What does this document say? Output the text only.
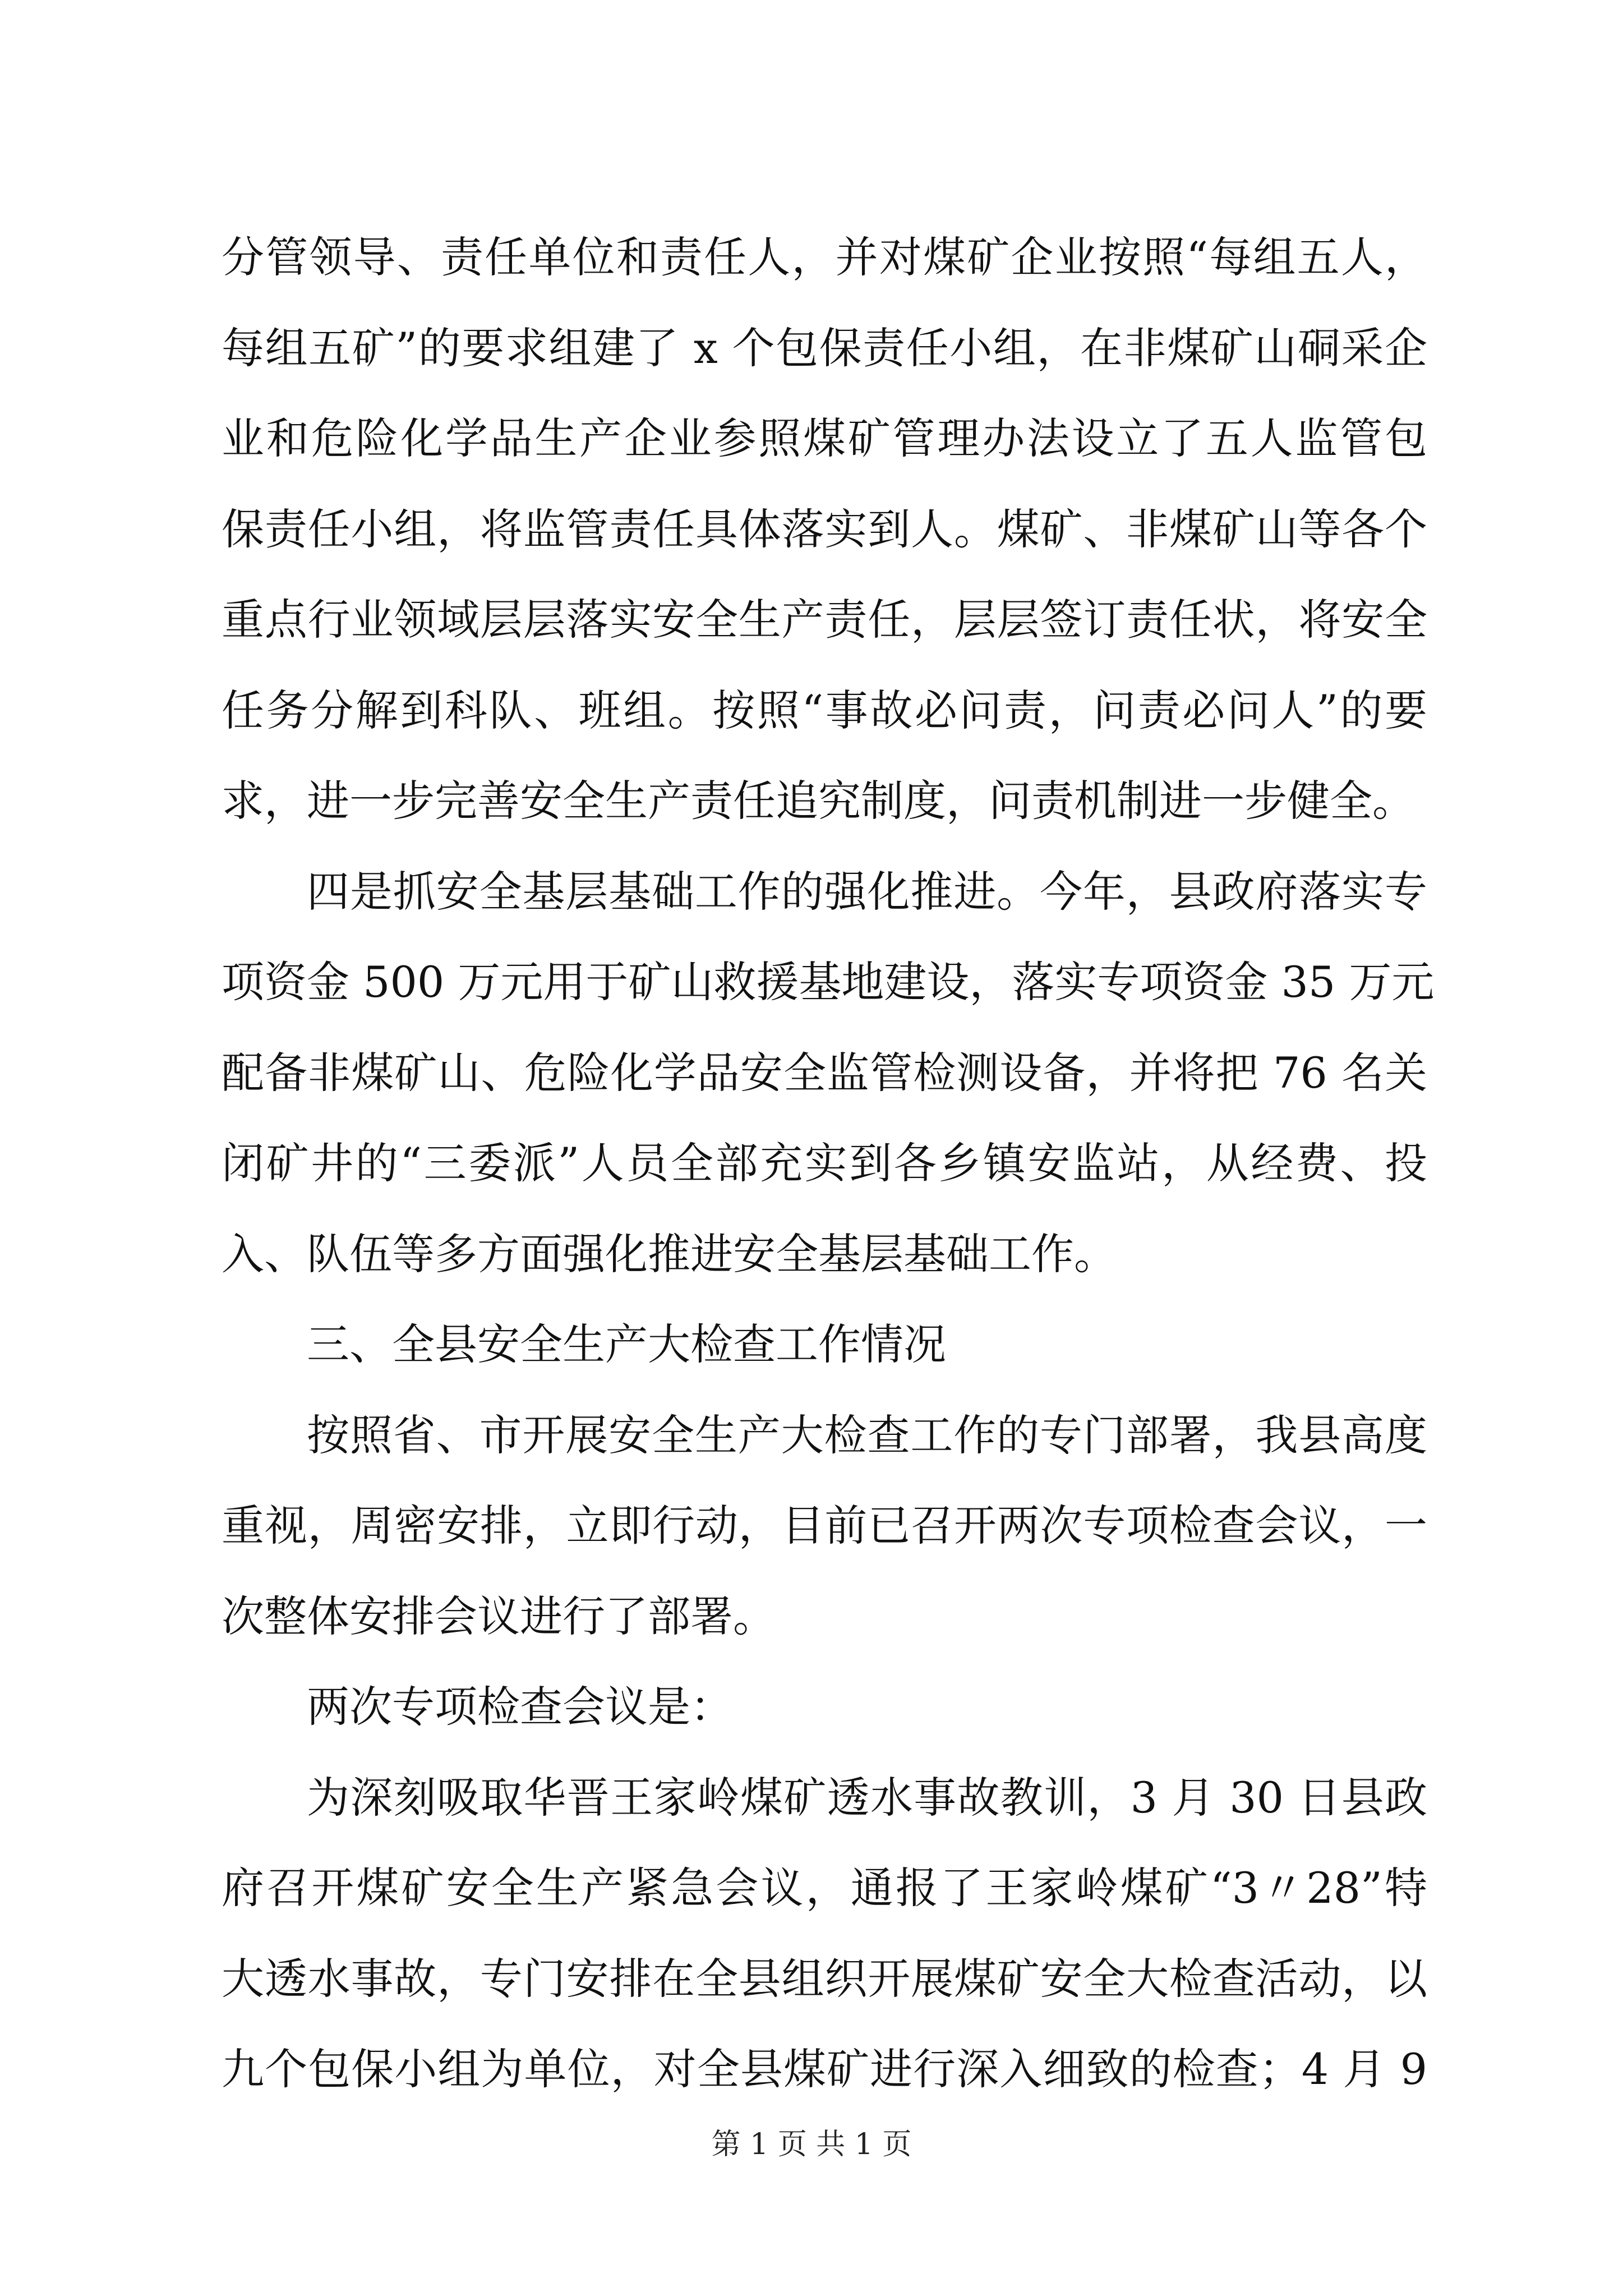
分管领导、责任单位和责任人，并对煤矿企业按照“每组五人，
每组五矿”的要求组建了 x 个包保责任小组，在非煤矿山硐采企
业和危险化学品生产企业参照煤矿管理办法设立了五人监管包
保责任小组，将监管责任具体落实到人。煤矿、非煤矿山等各个
重点行业领域层层落实安全生产责任，层层签订责任状，将安全
任务分解到科队、班组。按照“事故必问责，问责必问人”的要
求，进一步完善安全生产责任追究制度，问责机制进一步健全。
四是抓安全基层基础工作的强化推进。今年，县政府落实专
项资金 500 万元用于矿山救援基地建设，落实专项资金 35 万元
配备非煤矿山、危险化学品安全监管检测设备，并将把 76 名关
闭矿井的“三委派”人员全部充实到各乡镇安监站，从经费、投
入、队伍等多方面强化推进安全基层基础工作。
三、全县安全生产大检查工作情况
按照省、市开展安全生产大检查工作的专门部署，我县高度
重视，周密安排，立即行动，目前已召开两次专项检查会议，一
次整体安排会议进行了部署。
两次专项检查会议是：
为深刻吸取华晋王家岭煤矿透水事故教训，3 月 30 日县政
府召开煤矿安全生产紧急会议，通报了王家岭煤矿“3〃28”特
大透水事故，专门安排在全县组织开展煤矿安全大检查活动，以
九个包保小组为单位，对全县煤矿进行深入细致的检查；4 月 9
第 1 页 共 1 页
